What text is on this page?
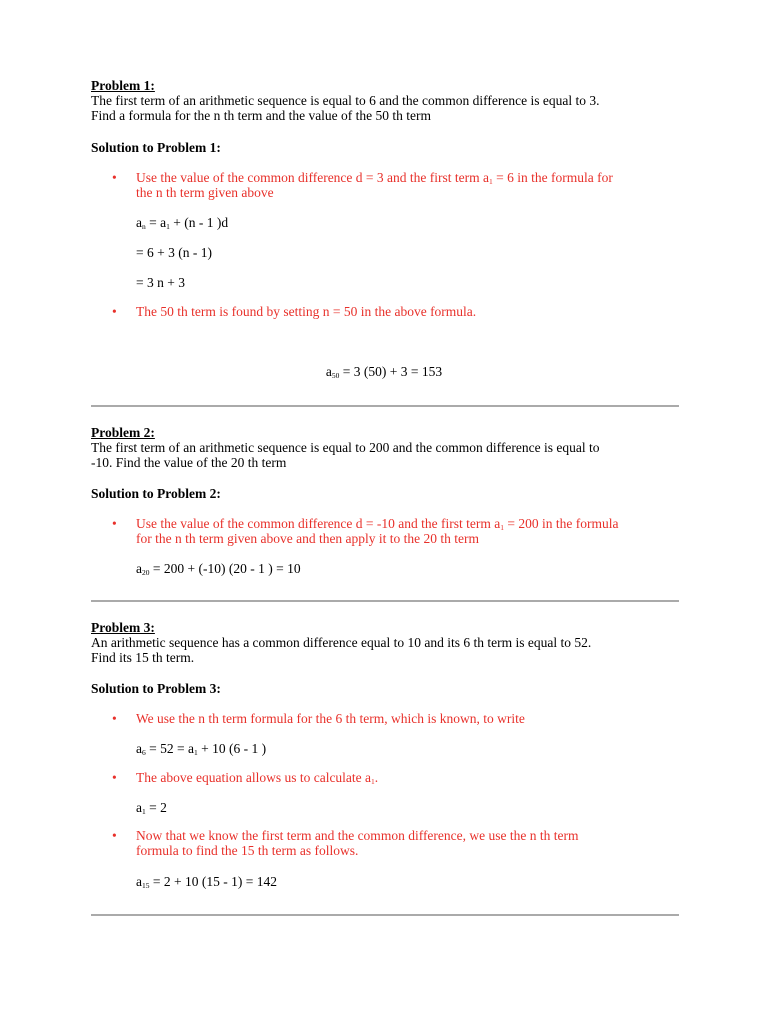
Problem 1:
The first term of an arithmetic sequence is equal to 6 and the common difference is equal to 3.
Find a formula for the n th term and the value of the 50 th term
Solution to Problem 1:
• Use the value of the common difference d = 3 and the first term $a_1 = 6$ in the formula for
the n th term given above
$a_n = a_1 + (n - 1$ )d
= 6 + 3 (n - 1)
= 3 n + 3
• The 50 th term is found by setting n = 50 in the above formula.
$a_{50} = 3$ (50) + 3 = 153
Problem 2:
The first term of an arithmetic sequence is equal to 200 and the common difference is equal to
-10. Find the value of the 20 th term
Solution to Problem 2:
• Use the value of the common difference d = -10 and the first term $a_1 = 200$ in the formula
for the n th term given above and then apply it to the 20 th term
$a_{20} = 200 + (-10)$ (20 - 1 ) = 10
Problem 3:
An arithmetic sequence has a common difference equal to 10 and its 6 th term is equal to 52.
Find its 15 th term.
Solution to Problem 3:
• We use the n th term formula for the 6 th term, which is known, to write
$a_6 = 52 = a_1 + 10$ (6 - 1 )
• The above equation allows us to calculate $a_1$.
$a_1 = 2$
• Now that we know the first term and the common difference, we use the n th term
formula to find the 15 th term as follows.
$a_{15} = 2 + 10$ (15 - 1) = 142
